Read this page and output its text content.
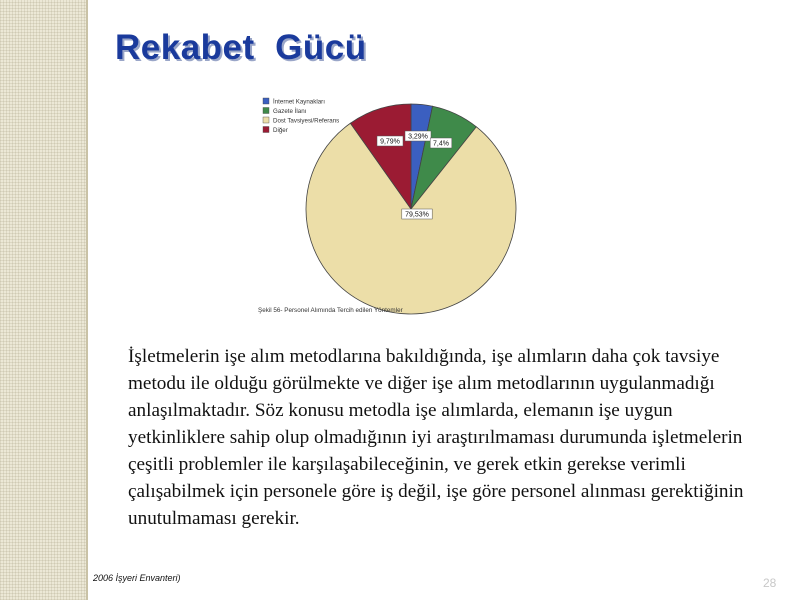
Rekabet  Gücü
3,29%
7,4%
79,53%
9,79%
İnternet Kaynakları
Gazete İlanı
Dost Tavsiyesi/Referans
Diğer
Şekil 56- Personel Alımında Tercih edilen Yöntemler

İşletmelerin işe alım metodlarına bakıldığında, işe alımların daha çok tavsiye metodu ile olduğu görülmekte ve diğer işe alım metodlarının uygulanmadığı anlaşılmaktadır. Söz konusu metodla işe alımlarda, elemanın işe uygun yetkinliklere sahip olup olmadığının iyi araştırılmaması durumunda işletmelerin çeşitli problemler ile karşılaşabileceğinin, ve gerek etkin gerekse verimli çalışabilmek için personele göre iş değil, işe göre personel alınması gerektiğinin unutulmaması gerekir.

2006 İşyeri Envanteri)	28
